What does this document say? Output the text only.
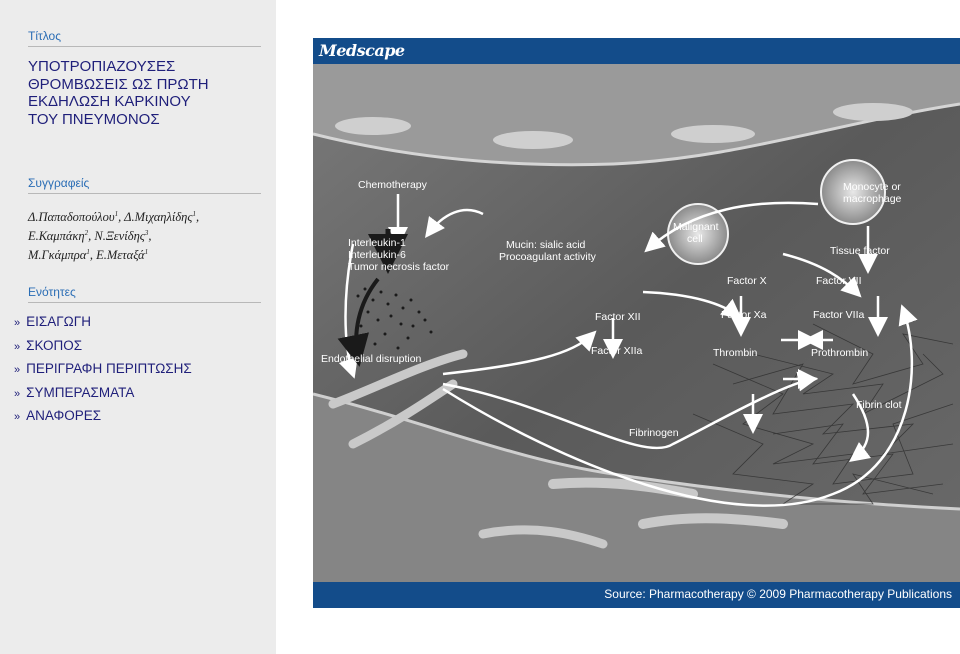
Τίτλος
ΥΠΟΤΡΟΠΙΑΖΟΥΣΕΣ
ΘΡΟΜΒΩΣΕΙΣ ΩΣ ΠΡΩΤΗ
ΕΚΔΗΛΩΣΗ ΚΑΡΚΙΝΟΥ
ΤΟΥ ΠΝΕΥΜΟΝΟΣ
Συγγραφείς
Δ.Παπαδοπούλου$^1$, Δ.Μιχαηλίδης$^1$,
Ε.Καμπάκη$^2$, Ν.Ξενίδης$^3$,
Μ.Γκάμπρα$^1$, Ε.Μεταξά$^1$
Ενότητες
» ΕΙΣΑΓΩΓΗ
» ΣΚΟΠΟΣ
» ΠΕΡΙΓΡΑΦΗ ΠΕΡΙΠΤΩΣΗΣ
» ΣΥΜΠΕΡΑΣΜΑΤΑ
» ΑΝΑΦΟΡΕΣ
Medscape
Chemotherapy	Monocyte or
macrophage
Malignant
cell
Interleukin-1
Interleukin-6
Tumor necrosis factor
Mucin: sialic acid
Procoagulant activity	Tissue factor
Factor X	Factor VII
Factor Xa	Factor VIIa
Factor XII
Factor XIIa	Thrombin	Prothrombin
Endothelial disruption
Fibrin clot
Fibrinogen
Source: Pharmacotherapy © 2009 Pharmacotherapy Publications
